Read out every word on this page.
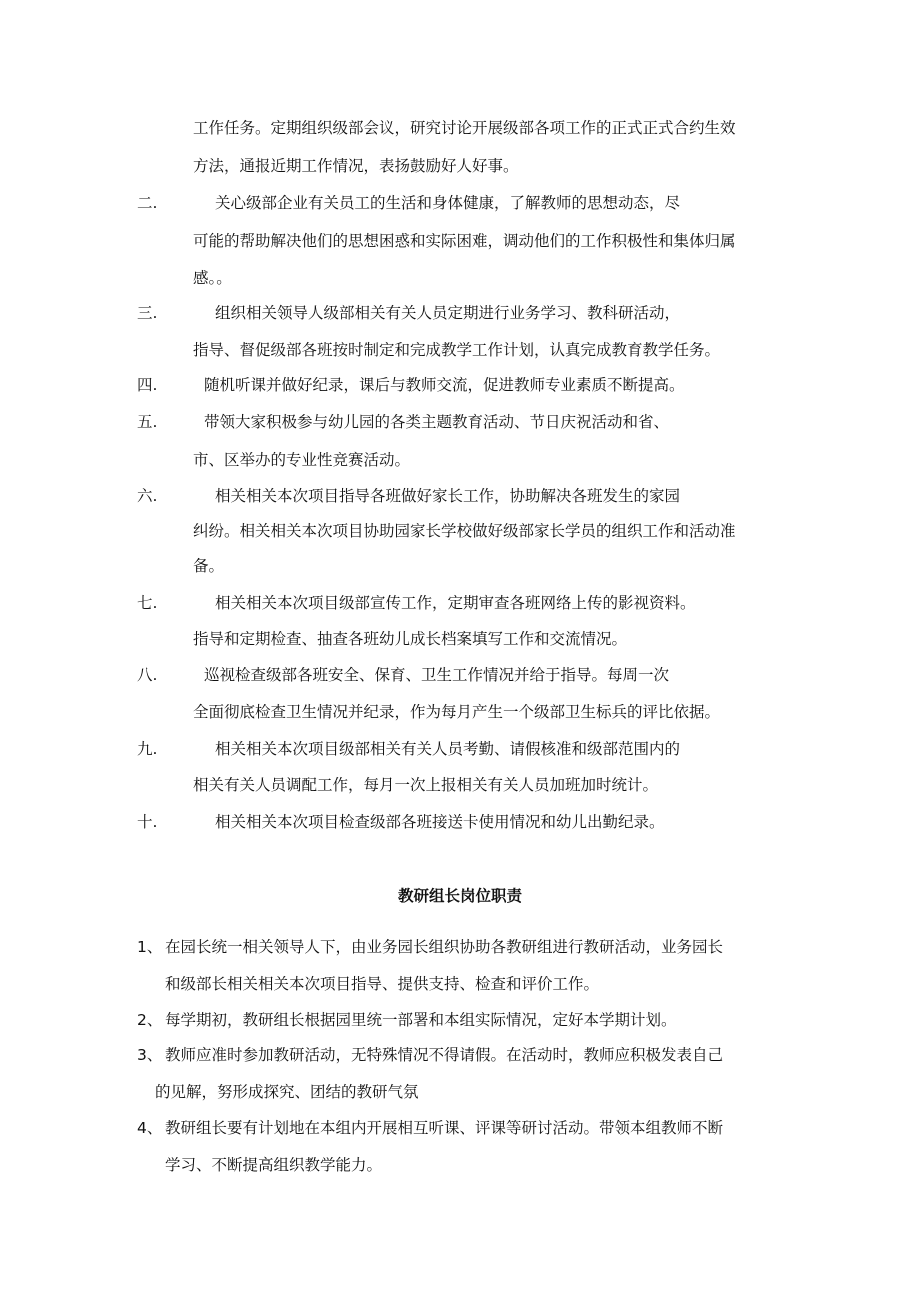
工作任务。定期组织级部会议，研究讨论开展级部各项工作的正式正式合约生效
方法，通报近期工作情况，表扬鼓励好人好事。
二.	关心级部企业有关员工的生活和身体健康，了解教师的思想动态，尽
可能的帮助解决他们的思想困惑和实际困难，调动他们的工作积极性和集体归属
感。。
三.	组织相关领导人级部相关有关人员定期进行业务学习、教科研活动，
指导、督促级部各班按时制定和完成教学工作计划，认真完成教育教学任务。
四.	随机听课并做好纪录，课后与教师交流，促进教师专业素质不断提高。
五.	带领大家积极参与幼儿园的各类主题教育活动、节日庆祝活动和省、
市、区举办的专业性竞赛活动。
六.	相关相关本次项目指导各班做好家长工作，协助解决各班发生的家园
纠纷。相关相关本次项目协助园家长学校做好级部家长学员的组织工作和活动准
备。
七.	相关相关本次项目级部宣传工作，定期审查各班网络上传的影视资料。
指导和定期检查、抽查各班幼儿成长档案填写工作和交流情况。
八.	巡视检查级部各班安全、保育、卫生工作情况并给于指导。每周一次
全面彻底检查卫生情况并纪录，作为每月产生一个级部卫生标兵的评比依据。
九.	相关相关本次项目级部相关有关人员考勤、请假核准和级部范围内的
相关有关人员调配工作，每月一次上报相关有关人员加班加时统计。
十.	相关相关本次项目检查级部各班接送卡使用情况和幼儿出勤纪录。
教研组长岗位职责
1、 在园长统一相关领导人下，由业务园长组织协助各教研组进行教研活动，业务园长
和级部长相关相关本次项目指导、提供支持、检查和评价工作。
2、 每学期初，教研组长根据园里统一部署和本组实际情况，定好本学期计划。
3、 教师应准时参加教研活动，无特殊情况不得请假。在活动时，教师应积极发表自己
的见解，努形成探究、团结的教研气氛
4、 教研组长要有计划地在本组内开展相互听课、评课等研讨活动。带领本组教师不断
学习、不断提高组织教学能力。
